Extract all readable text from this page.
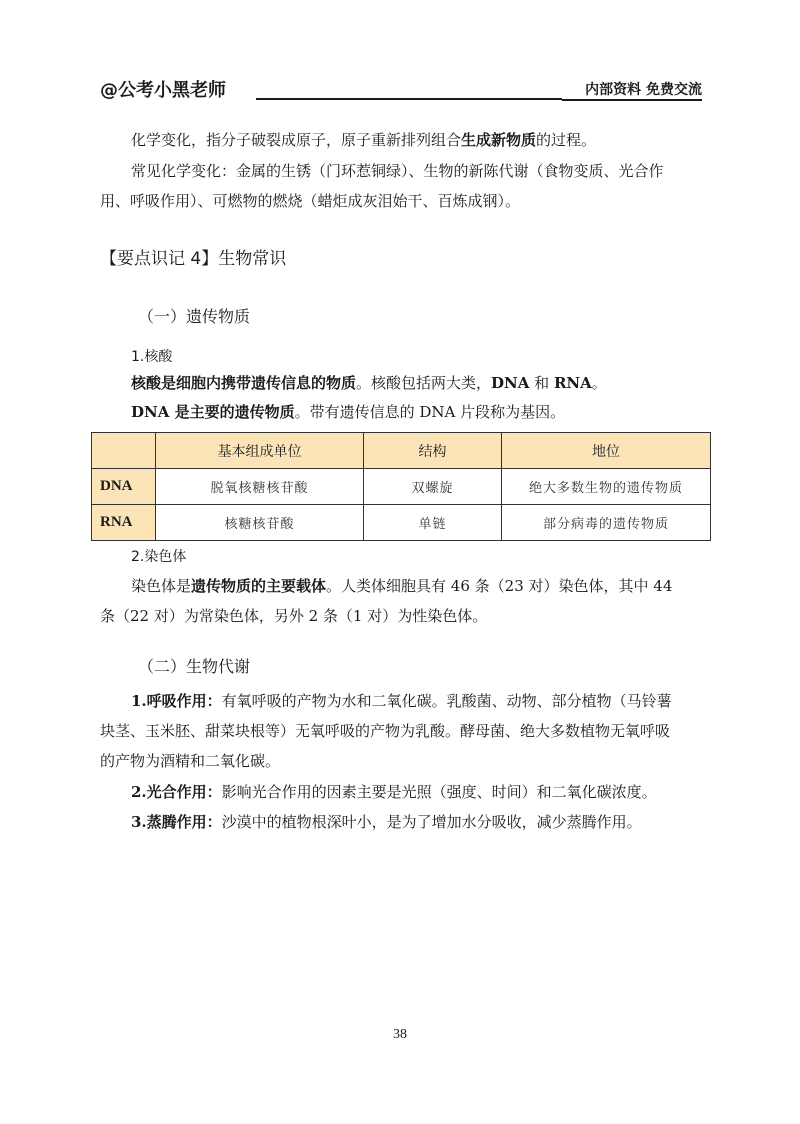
@公考小黑老师	内部资料 免费交流
化学变化，指分子破裂成原子，原子重新排列组合生成新物质的过程。
常见化学变化：金属的生锈（门环惹铜绿）、生物的新陈代谢（食物变质、光合作
用、呼吸作用）、可燃物的燃烧（蜡炬成灰泪始干、百炼成钢）。
【要点识记 4】生物常识
（一）遗传物质
1.核酸
核酸是细胞内携带遗传信息的物质。核酸包括两大类，DNA 和 RNA。
DNA 是主要的遗传物质。带有遗传信息的 DNA 片段称为基因。
	基本组成单位	结构	地位
DNA	脱氧核糖核苷酸	双螺旋	绝大多数生物的遗传物质
RNA	核糖核苷酸	单链	部分病毒的遗传物质
2.染色体
染色体是遗传物质的主要载体。人类体细胞具有 46 条（23 对）染色体，其中 44
条（22 对）为常染色体，另外 2 条（1 对）为性染色体。
（二）生物代谢
1.呼吸作用：有氧呼吸的产物为水和二氧化碳。乳酸菌、动物、部分植物（马铃薯
块茎、玉米胚、甜菜块根等）无氧呼吸的产物为乳酸。酵母菌、绝大多数植物无氧呼吸
的产物为酒精和二氧化碳。
2.光合作用：影响光合作用的因素主要是光照（强度、时间）和二氧化碳浓度。
3.蒸腾作用：沙漠中的植物根深叶小，是为了增加水分吸收，减少蒸腾作用。
38
